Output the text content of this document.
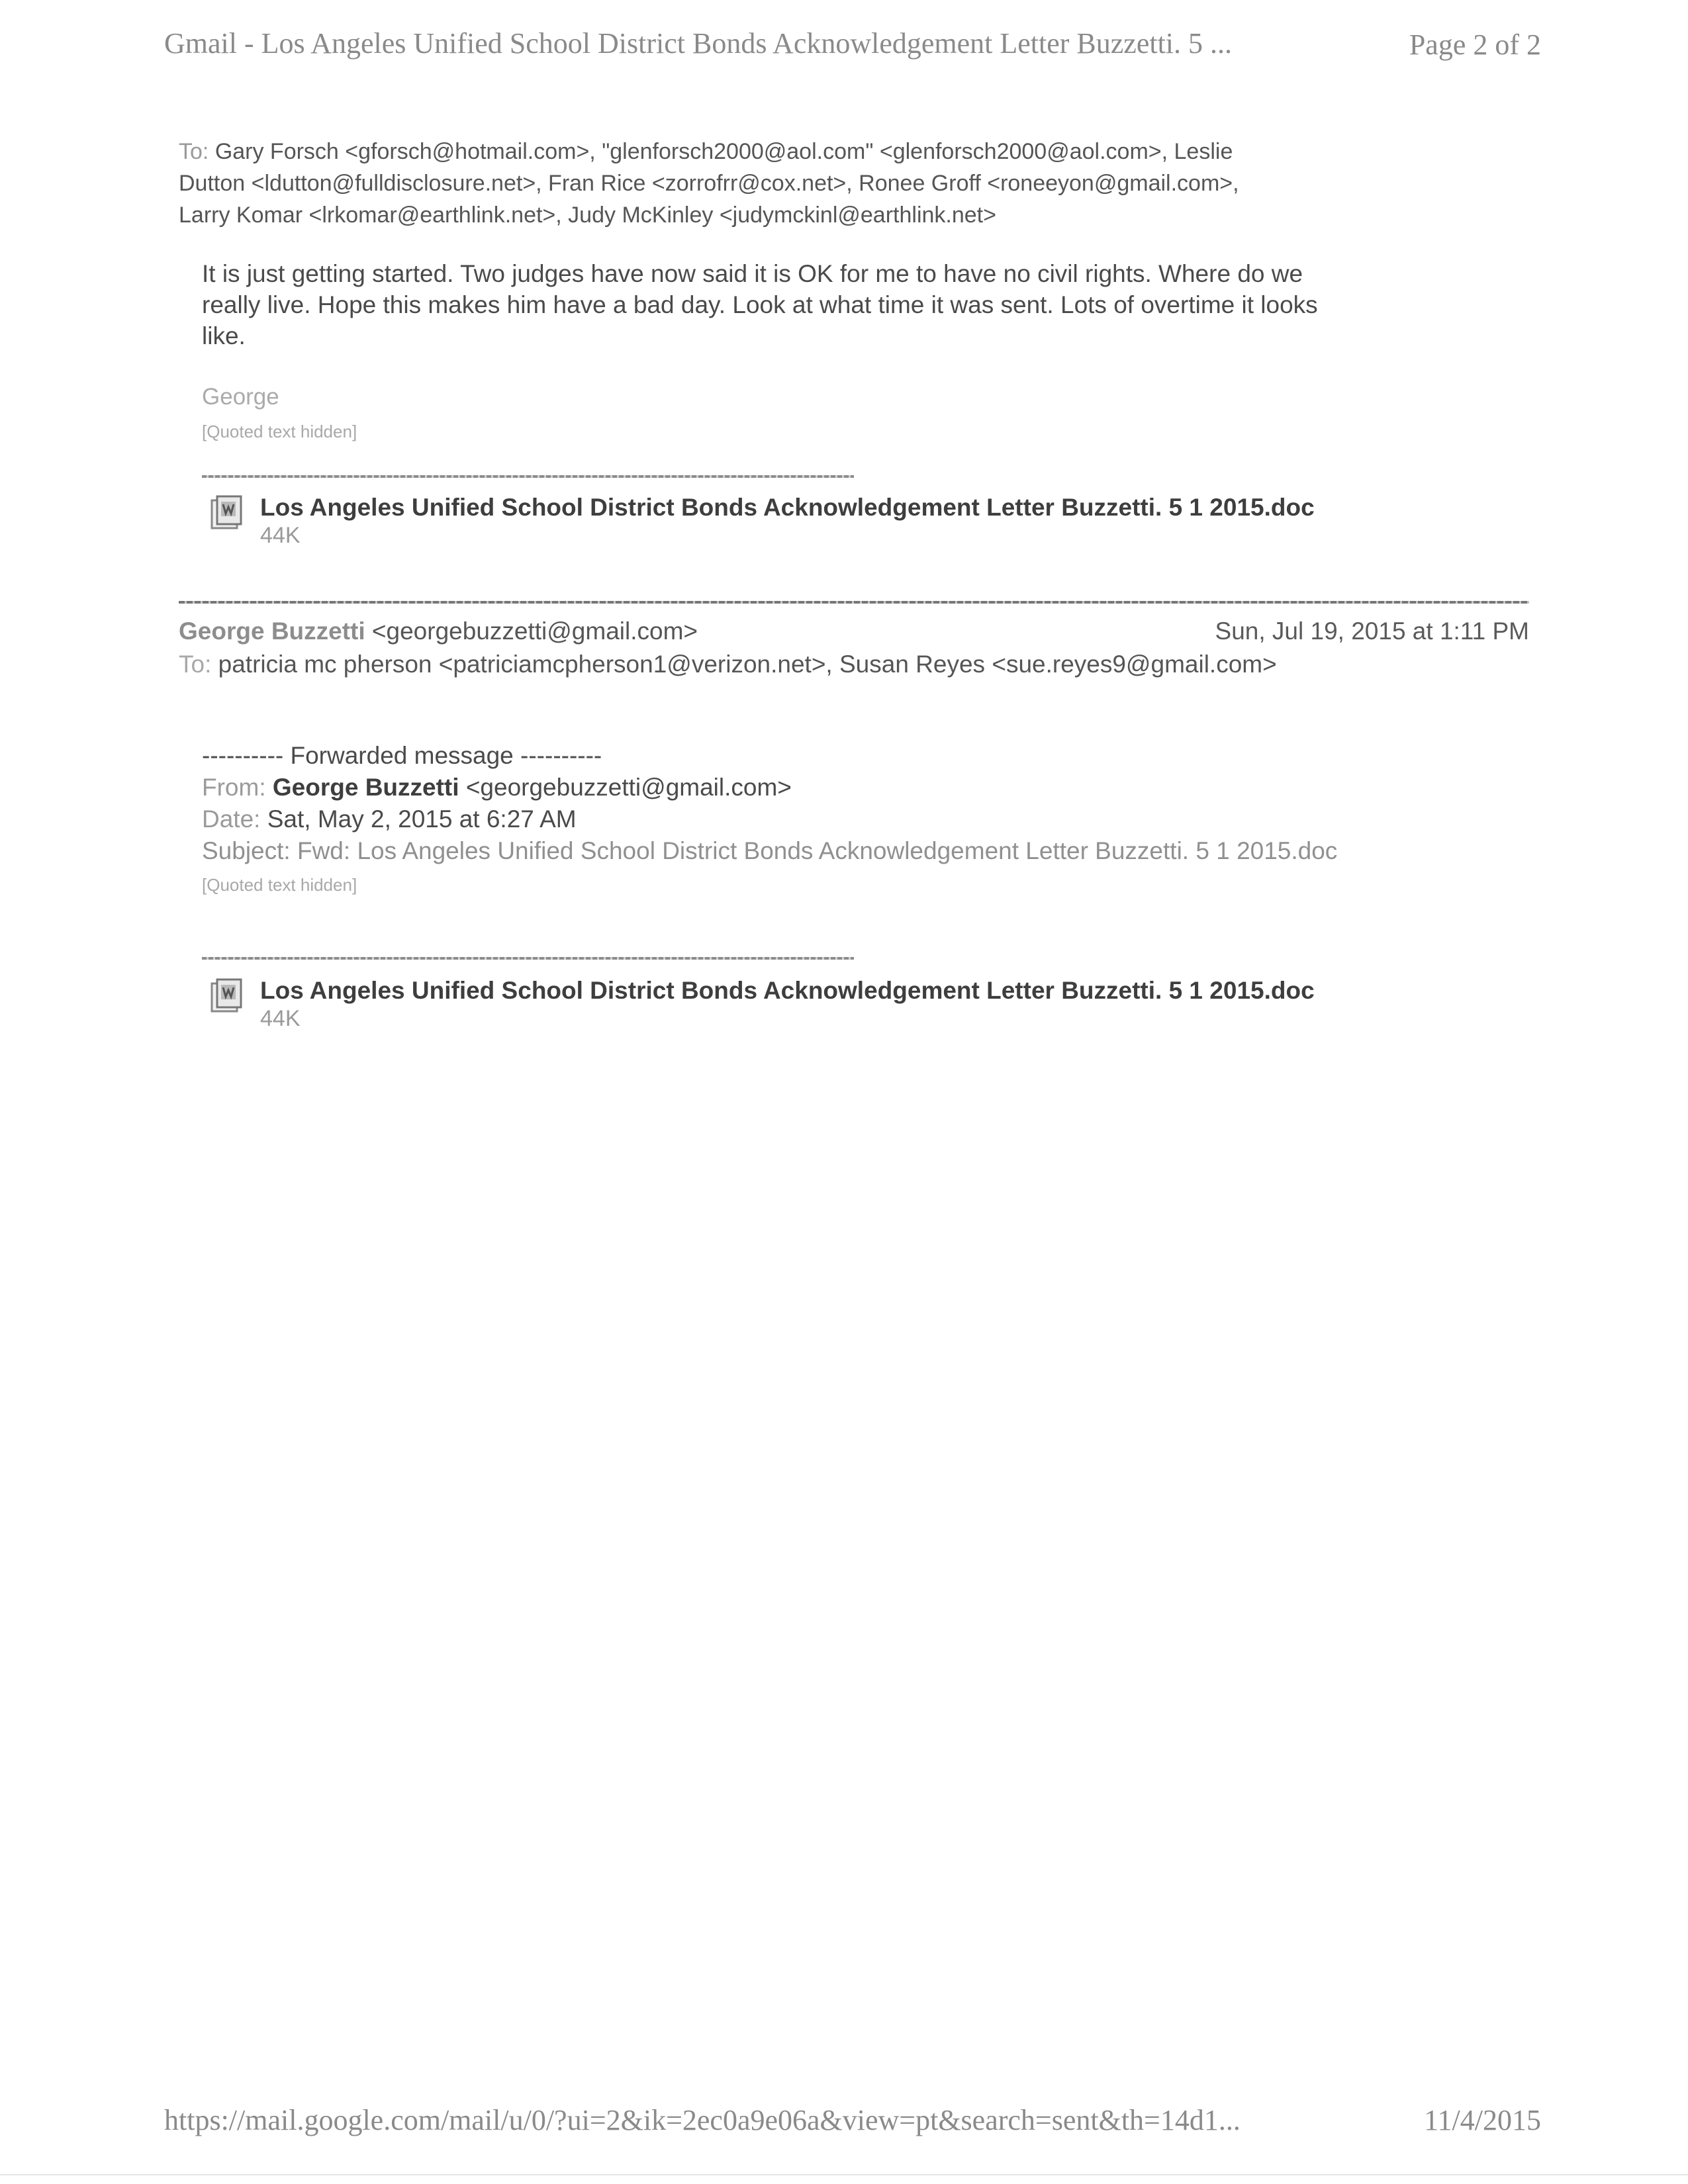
Gmail - Los Angeles Unified School District Bonds Acknowledgement Letter Buzzetti. 5 ...	Page 2 of 2
To: Gary Forsch <gforsch@hotmail.com>, "glenforsch2000@aol.com" <glenforsch2000@aol.com>, Leslie
Dutton <ldutton@fulldisclosure.net>, Fran Rice <zorrofrr@cox.net>, Ronee Groff <roneeyon@gmail.com>,
Larry Komar <lrkomar@earthlink.net>, Judy McKinley <judymckinl@earthlink.net>
It is just getting started. Two judges have now said it is OK for me to have no civil rights. Where do we
really live. Hope this makes him have a bad day. Look at what time it was sent. Lots of overtime it looks
like.
George
[Quoted text hidden]
Los Angeles Unified School District Bonds Acknowledgement Letter Buzzetti. 5 1 2015.doc
44K
George Buzzetti <georgebuzzetti@gmail.com>	Sun, Jul 19, 2015 at 1:11 PM
To: patricia mc pherson <patriciamcpherson1@verizon.net>, Susan Reyes <sue.reyes9@gmail.com>
---------- Forwarded message ----------
From: George Buzzetti <georgebuzzetti@gmail.com>
Date: Sat, May 2, 2015 at 6:27 AM
Subject: Fwd: Los Angeles Unified School District Bonds Acknowledgement Letter Buzzetti. 5 1 2015.doc
[Quoted text hidden]
Los Angeles Unified School District Bonds Acknowledgement Letter Buzzetti. 5 1 2015.doc
44K
https://mail.google.com/mail/u/0/?ui=2&ik=2ec0a9e06a&view=pt&search=sent&th=14d1...	11/4/2015
